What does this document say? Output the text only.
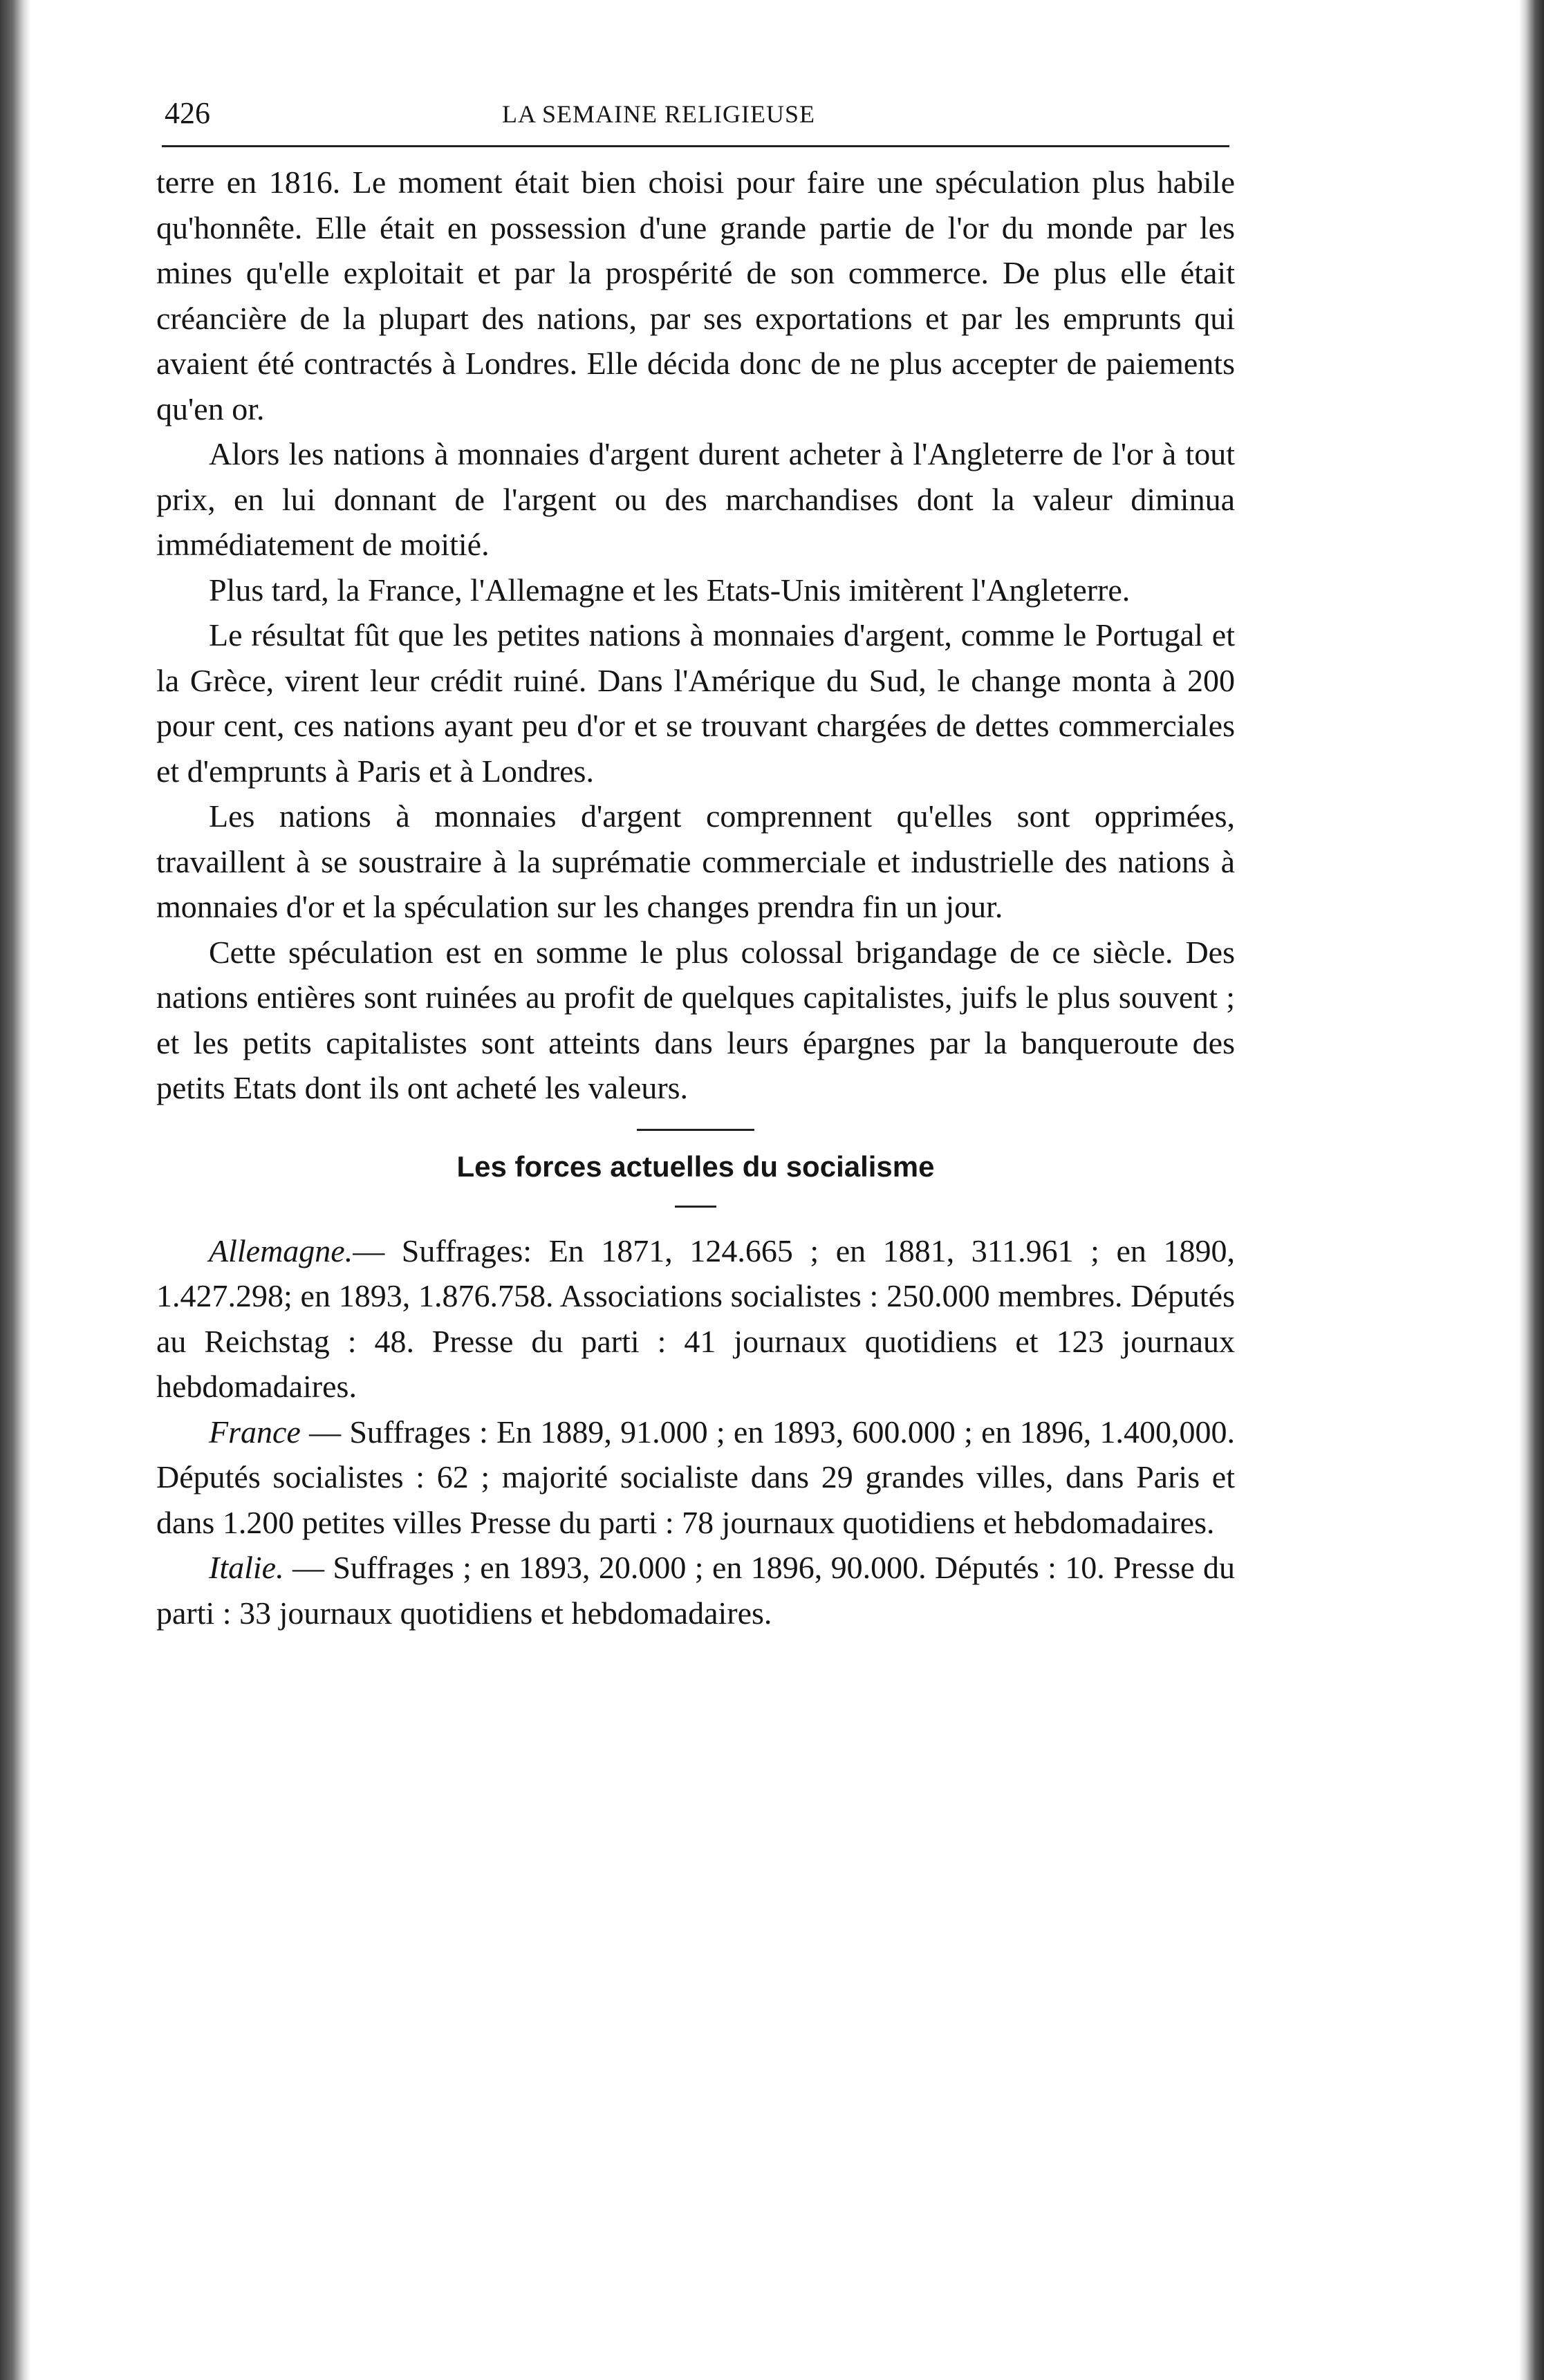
426	LA SEMAINE RELIGIEUSE

terre en 1816. Le moment était bien choisi pour faire une spéculation plus habile qu'honnête. Elle était en possession d'une grande partie de l'or du monde par les mines qu'elle exploitait et par la prospérité de son commerce. De plus elle était créancière de la plupart des nations, par ses exportations et par les emprunts qui avaient été contractés à Londres. Elle décida donc de ne plus accepter de paiements qu'en or.

Alors les nations à monnaies d'argent durent acheter à l'Angleterre de l'or à tout prix, en lui donnant de l'argent ou des marchandises dont la valeur diminua immédiatement de moitié.

Plus tard, la France, l'Allemagne et les Etats-Unis imitèrent l'Angleterre.

Le résultat fût que les petites nations à monnaies d'argent, comme le Portugal et la Grèce, virent leur crédit ruiné. Dans l'Amérique du Sud, le change monta à 200 pour cent, ces nations ayant peu d'or et se trouvant chargées de dettes commerciales et d'emprunts à Paris et à Londres.

Les nations à monnaies d'argent comprennent qu'elles sont opprimées, travaillent à se soustraire à la suprématie commerciale et industrielle des nations à monnaies d'or et la spéculation sur les changes prendra fin un jour.

Cette spéculation est en somme le plus colossal brigandage de ce siècle. Des nations entières sont ruinées au profit de quelques capitalistes, juifs le plus souvent ; et les petits capitalistes sont atteints dans leurs épargnes par la banqueroute des petits Etats dont ils ont acheté les valeurs.

Les forces actuelles du socialisme

Allemagne.— Suffrages: En 1871, 124.665 ; en 1881, 311.961 ; en 1890, 1.427.298; en 1893, 1.876.758. Associations socialistes : 250.000 membres. Députés au Reichstag : 48. Presse du parti : 41 journaux quotidiens et 123 journaux hebdomadaires.

France — Suffrages : En 1889, 91.000 ; en 1893, 600.000 ; en 1896, 1.400,000. Députés socialistes : 62 ; majorité socialiste dans 29 grandes villes, dans Paris et dans 1.200 petites villes Presse du parti : 78 journaux quotidiens et hebdomadaires.

Italie. — Suffrages ; en 1893, 20.000 ; en 1896, 90.000. Députés : 10. Presse du parti : 33 journaux quotidiens et hebdomadaires.
